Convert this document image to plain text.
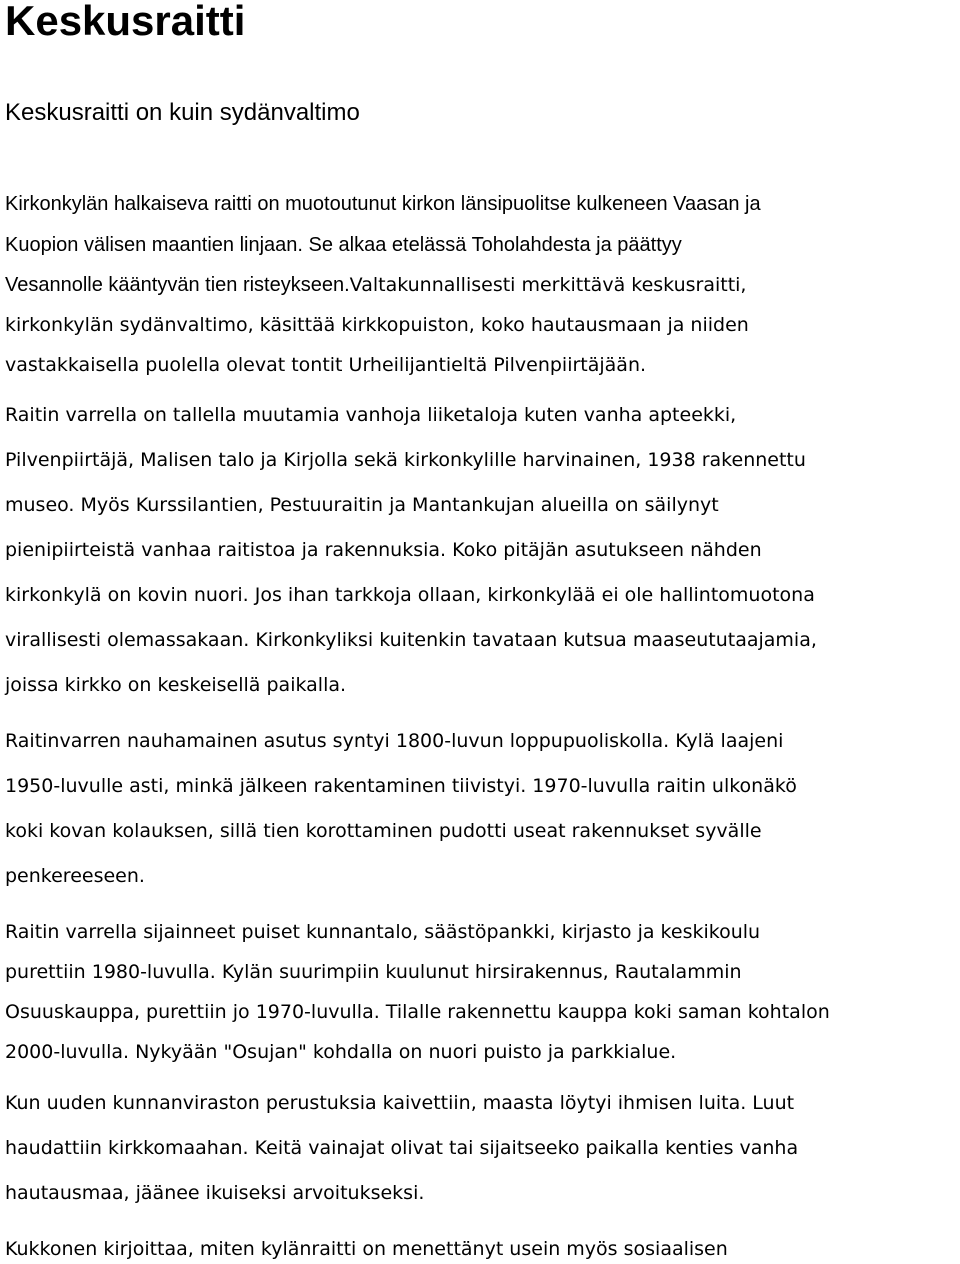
Keskusraitti
Keskusraitti on kuin sydänvaltimo

Kirkonkylän halkaiseva raitti on muotoutunut kirkon länsipuolitse kulkeneen Vaasan ja

Kuopion välisen maantien linjaan. Se alkaa etelässä Toholahdesta ja päättyy

Vesannolle kääntyvän tien risteykseen.Valtakunnallisesti merkittävä keskusraitti,

kirkonkylän sydänvaltimo, käsittää kirkkopuiston, koko hautausmaan ja niiden

vastakkaisella puolella olevat tontit Urheilijantieltä Pilvenpiirtäjään.

Raitin varrella on tallella muutamia vanhoja liiketaloja kuten vanha apteekki,

Pilvenpiirtäjä, Malisen talo ja Kirjolla sekä kirkonkylille harvinainen, 1938 rakennettu

museo. Myös Kurssilantien, Pestuuraitin ja Mantankujan alueilla on säilynyt

pienipiirteistä vanhaa raitistoa ja rakennuksia. Koko pitäjän asutukseen nähden

kirkonkylä on kovin nuori. Jos ihan tarkkoja ollaan, kirkonkylää ei ole hallintomuotona

virallisesti olemassakaan. Kirkonkyliksi kuitenkin tavataan kutsua maaseututaajamia,

joissa kirkko on keskeisellä paikalla.

Raitinvarren nauhamainen asutus syntyi 1800-luvun loppupuoliskolla. Kylä laajeni

1950-luvulle asti, minkä jälkeen rakentaminen tiivistyi. 1970-luvulla raitin ulkonäkö

koki kovan kolauksen, sillä tien korottaminen pudotti useat rakennukset syvälle

penkereeseen.

Raitin varrella sijainneet puiset kunnantalo, säästöpankki, kirjasto ja keskikoulu

purettiin 1980-luvulla. Kylän suurimpiin kuulunut hirsirakennus, Rautalammin

Osuuskauppa, purettiin jo 1970-luvulla. Tilalle rakennettu kauppa koki saman kohtalon

2000-luvulla. Nykyään "Osujan" kohdalla on nuori puisto ja parkkialue.

Kun uuden kunnanviraston perustuksia kaivettiin, maasta löytyi ihmisen luita. Luut

haudattiin kirkkomaahan. Keitä vainajat olivat tai sijaitseeko paikalla kenties vanha

hautausmaa, jäänee ikuiseksi arvoitukseksi.

Kukkonen kirjoittaa, miten kylänraitti on menettänyt usein myös sosiaalisen
